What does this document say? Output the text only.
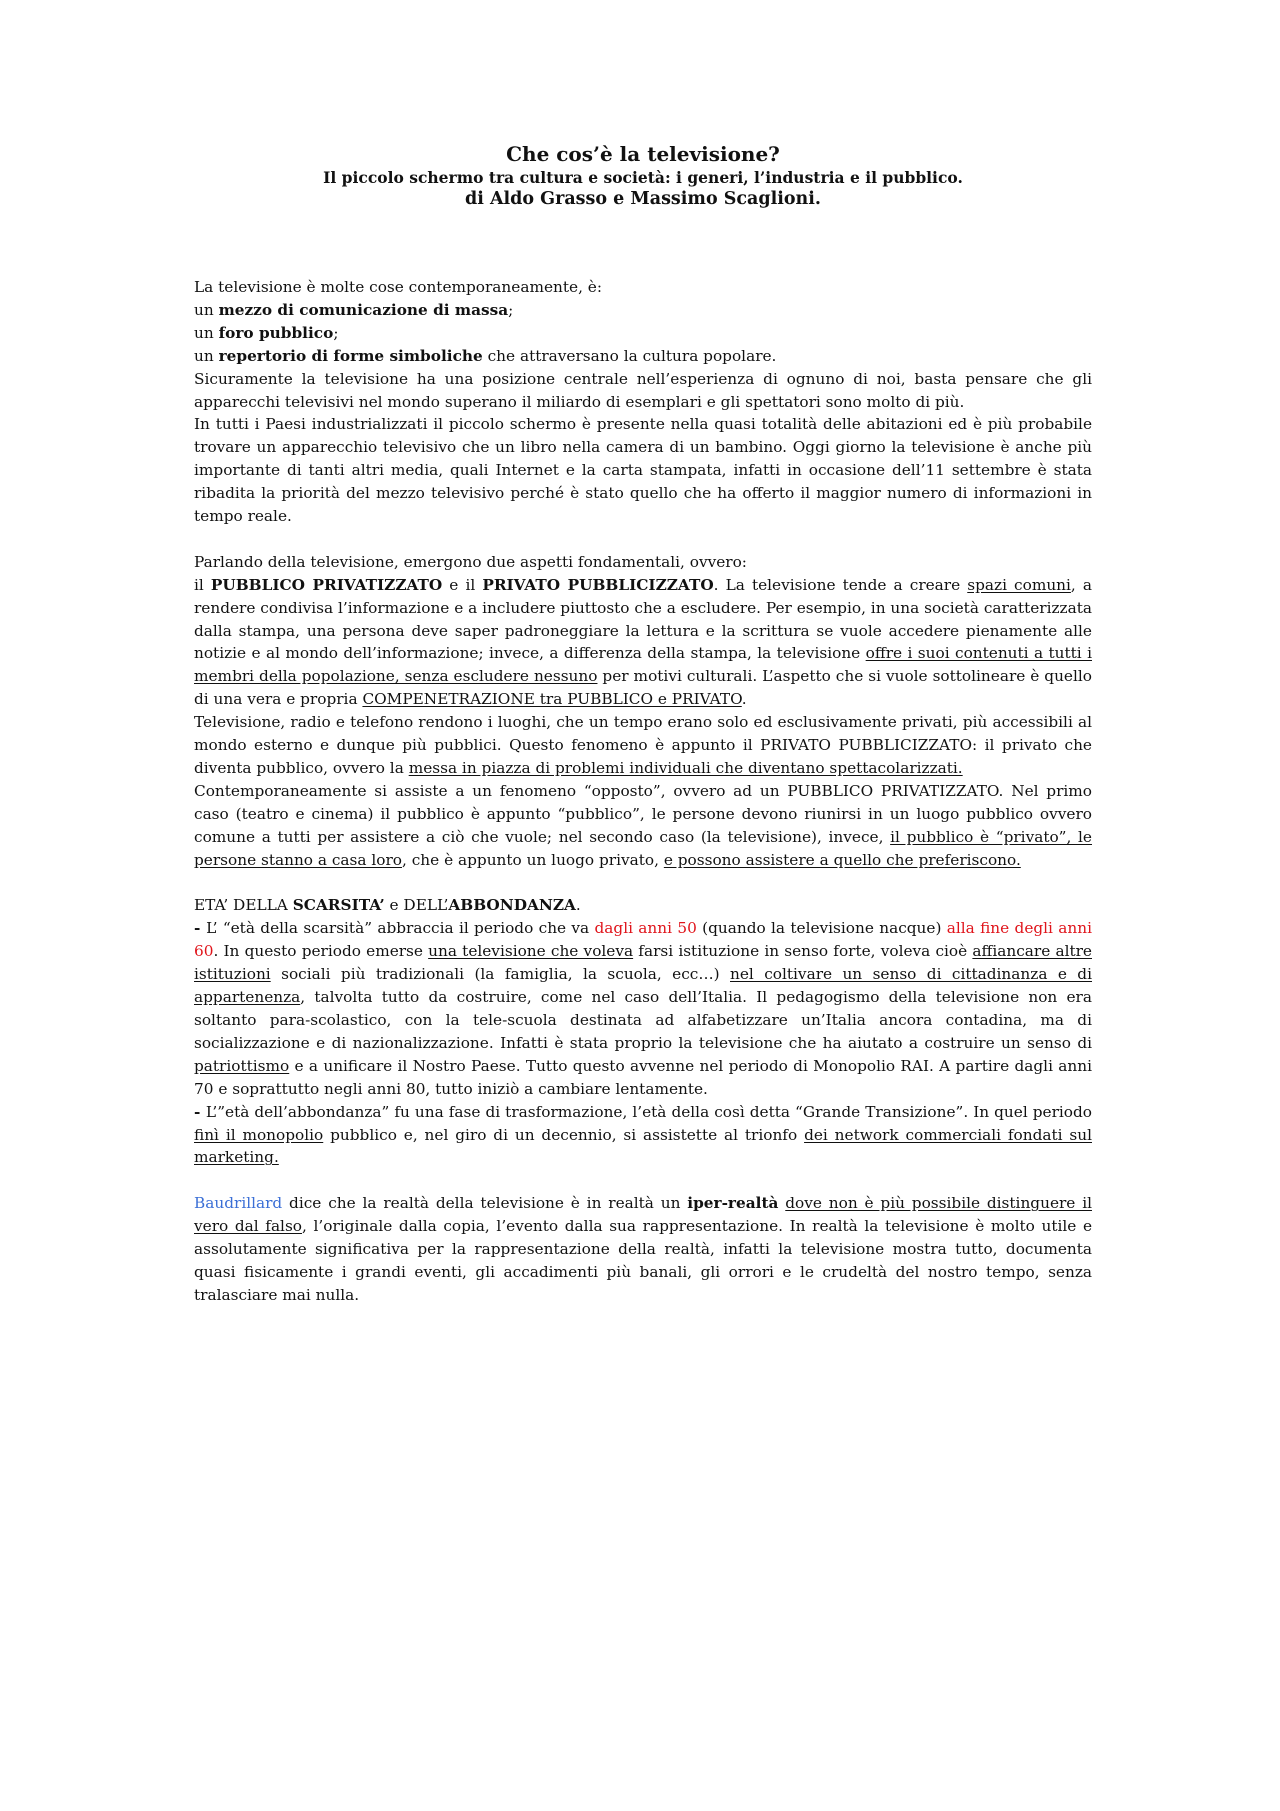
Che cos’è la televisione?

Il piccolo schermo tra cultura e società: i generi, l’industria e il pubblico.

di Aldo Grasso e Massimo Scaglioni.

La televisione è molte cose contemporaneamente, è:

un mezzo di comunicazione di massa;

un foro pubblico;

un repertorio di forme simboliche che attraversano la cultura popolare.

Sicuramente la televisione ha una posizione centrale nell’esperienza di ognuno di noi, basta pensare che gli apparecchi televisivi nel mondo superano il miliardo di esemplari e gli spettatori sono molto di più.

In tutti i Paesi industrializzati il piccolo schermo è presente nella quasi totalità delle abitazioni ed è più probabile trovare un apparecchio televisivo che un libro nella camera di un bambino. Oggi giorno la televisione è anche più importante di tanti altri media, quali Internet e la carta stampata, infatti in occasione dell’11 settembre è stata ribadita la priorità del mezzo televisivo perché è stato quello che ha offerto il maggior numero di informazioni in tempo reale.

Parlando della televisione, emergono due aspetti fondamentali, ovvero:

il PUBBLICO PRIVATIZZATO e il PRIVATO PUBBLICIZZATO. La televisione tende a creare spazi comuni, a rendere condivisa l’informazione e a includere piuttosto che a escludere. Per esempio, in una società caratterizzata dalla stampa, una persona deve saper padroneggiare la lettura e la scrittura se vuole accedere pienamente alle notizie e al mondo dell’informazione; invece, a differenza della stampa, la televisione offre i suoi contenuti a tutti i membri della popolazione, senza escludere nessuno per motivi culturali. L’aspetto che si vuole sottolineare è quello di una vera e propria COMPENETRAZIONE tra PUBBLICO e PRIVATO.

Televisione, radio e telefono rendono i luoghi, che un tempo erano solo ed esclusivamente privati, più accessibili al mondo esterno e dunque più pubblici. Questo fenomeno è appunto il PRIVATO PUBBLICIZZATO: il privato che diventa pubblico, ovvero la messa in piazza di problemi individuali che diventano spettacolarizzati.

Contemporaneamente si assiste a un fenomeno “opposto”, ovvero ad un PUBBLICO PRIVATIZZATO. Nel primo caso (teatro e cinema) il pubblico è appunto “pubblico”, le persone devono riunirsi in un luogo pubblico ovvero comune a tutti per assistere a ciò che vuole; nel secondo caso (la televisione), invece, il pubblico è “privato”, le persone stanno a casa loro, che è appunto un luogo privato, e possono assistere a quello che preferiscono.

ETA’ DELLA SCARSITA’ e DELL’ABBONDANZA.

- L’ “età della scarsità” abbraccia il periodo che va dagli anni 50 (quando la televisione nacque) alla fine degli anni 60. In questo periodo emerse una televisione che voleva farsi istituzione in senso forte, voleva cioè affiancare altre istituzioni sociali più tradizionali (la famiglia, la scuola, ecc…) nel coltivare un senso di cittadinanza e di appartenenza, talvolta tutto da costruire, come nel caso dell’Italia. Il pedagogismo della televisione non era soltanto para-scolastico, con la tele-scuola destinata ad alfabetizzare un’Italia ancora contadina, ma di socializzazione e di nazionalizzazione. Infatti è stata proprio la televisione che ha aiutato a costruire un senso di patriottismo e a unificare il Nostro Paese. Tutto questo avvenne nel periodo di Monopolio RAI. A partire dagli anni 70 e soprattutto negli anni 80, tutto iniziò a cambiare lentamente.

- L’”età dell’abbondanza” fu una fase di trasformazione, l’età della così detta “Grande Transizione”. In quel periodo finì il monopolio pubblico e, nel giro di un decennio, si assistette al trionfo dei network commerciali fondati sul marketing.

Baudrillard dice che la realtà della televisione è in realtà un iper-realtà dove non è più possibile distinguere il vero dal falso, l’originale dalla copia, l’evento dalla sua rappresentazione. In realtà la televisione è molto utile e assolutamente significativa per la rappresentazione della realtà, infatti la televisione mostra tutto, documenta quasi fisicamente i grandi eventi, gli accadimenti più banali, gli orrori e le crudeltà del nostro tempo, senza tralasciare mai nulla.
